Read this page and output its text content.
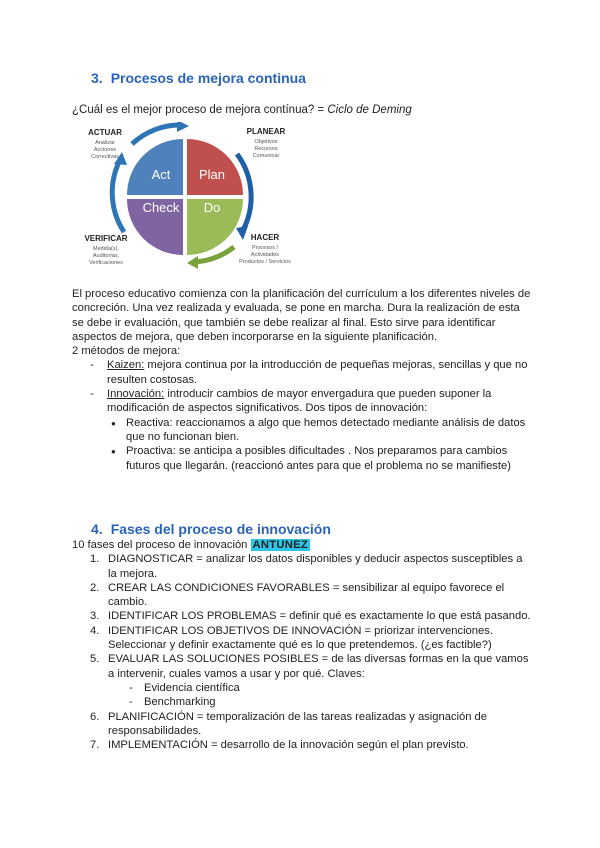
3. Procesos de mejora continua
¿Cuál es el mejor proceso de mejora contínua? = Ciclo de Deming
Act Plan
Check Do
ACTUAR
Analizar
Acciones
Correctivas
PLANEAR
Objetivos
Recursos
Comunicar
VERIFICAR
Medida(s),
Auditorías,
Verificaciones
HACER
Procesos /
Actividades
Productos / Servicios

El proceso educativo comienza con la planificación del currículum a los diferentes niveles de concreción. Una vez realizada y evaluada, se pone en marcha. Dura la realización de esta se debe ir evaluación, que también se debe realizar al final. Esto sirve para identificar aspectos de mejora, que deben incorporarse en la siguiente planificación.

2 métodos de mejora:

- Kaizen: mejora continua por la introducción de pequeñas mejoras, sencillas y que no resulten costosas.
- Innovación: introducir cambios de mayor envergadura que pueden suponer la modificación de aspectos significativos. Dos tipos de innovación:
● Reactiva: reaccionamos a algo que hemos detectado mediante análisis de datos que no funcionan bien.
● Proactiva: se anticipa a posibles dificultades . Nos preparamos para cambios futuros que llegarán. (reaccionó antes para que el problema no se manifieste)
4. Fases del proceso de innovación

10 fases del proceso de innovación ANTUNEZ

1. DIAGNOSTICAR = analizar los datos disponibles y deducir aspectos susceptibles a la mejora.
2. CREAR LAS CONDICIONES FAVORABLES = sensibilizar al equipo favorece el cambio.
3. IDENTIFICAR LOS PROBLEMAS = definir qué es exactamente lo que está pasando.
4. IDENTIFICAR LOS OBJETIVOS DE INNOVACIÓN = priorizar intervenciones. Seleccionar y definir exactamente qué es lo que pretendemos. (¿es factible?)
5. EVALUAR LAS SOLUCIONES POSIBLES = de las diversas formas en la que vamos a intervenir, cuales vamos a usar y por qué. Claves:
- Evidencia científica
- Benchmarking
6. PLANIFICACIÓN = temporalización de las tareas realizadas y asignación de responsabilidades.
7. IMPLEMENTACIÓN = desarrollo de la innovación según el plan previsto.
